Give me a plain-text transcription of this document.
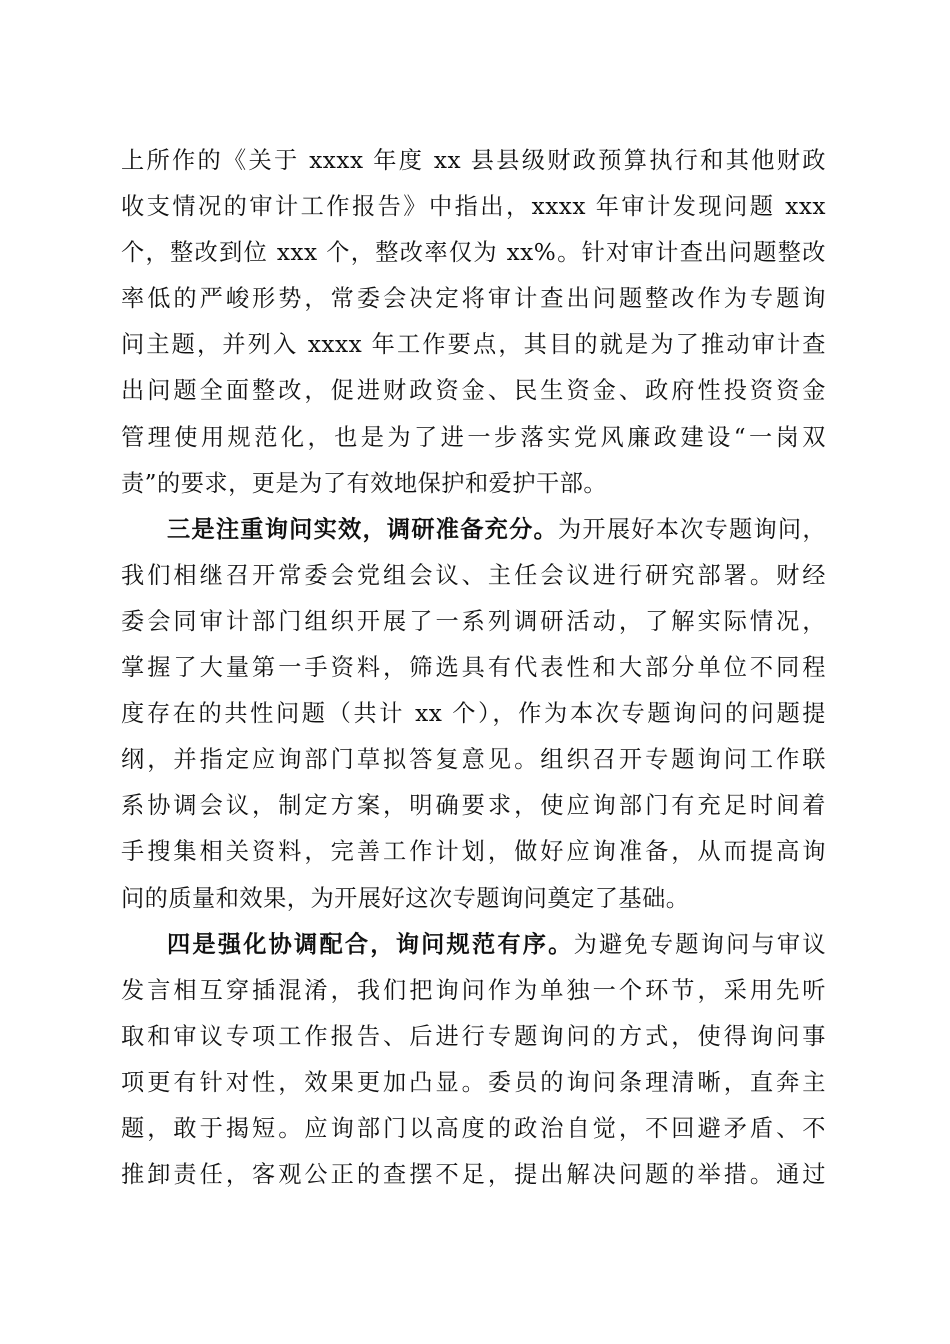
上所作的《关于 xxxx 年度 xx 县县级财政预算执行和其他财政

收支情况的审计工作报告》中指出，xxxx 年审计发现问题 xxx

个，整改到位 xxx 个，整改率仅为 xx%。针对审计查出问题整改

率低的严峻形势，常委会决定将审计查出问题整改作为专题询

问主题，并列入 xxxx 年工作要点，其目的就是为了推动审计查

出问题全面整改，促进财政资金、民生资金、政府性投资资金

管理使用规范化，也是为了进一步落实党风廉政建设“一岗双

责”的要求，更是为了有效地保护和爱护干部。

三是注重询问实效，调研准备充分。为开展好本次专题询问，

我们相继召开常委会党组会议、主任会议进行研究部署。财经

委会同审计部门组织开展了一系列调研活动，了解实际情况，

掌握了大量第一手资料，筛选具有代表性和大部分单位不同程

度存在的共性问题（共计 xx 个），作为本次专题询问的问题提

纲，并指定应询部门草拟答复意见。组织召开专题询问工作联

系协调会议，制定方案，明确要求，使应询部门有充足时间着

手搜集相关资料，完善工作计划，做好应询准备，从而提高询

问的质量和效果，为开展好这次专题询问奠定了基础。

四是强化协调配合，询问规范有序。为避免专题询问与审议

发言相互穿插混淆，我们把询问作为单独一个环节，采用先听

取和审议专项工作报告、后进行专题询问的方式，使得询问事

项更有针对性，效果更加凸显。委员的询问条理清晰，直奔主

题，敢于揭短。应询部门以高度的政治自觉，不回避矛盾、不

推卸责任，客观公正的查摆不足，提出解决问题的举措。通过
